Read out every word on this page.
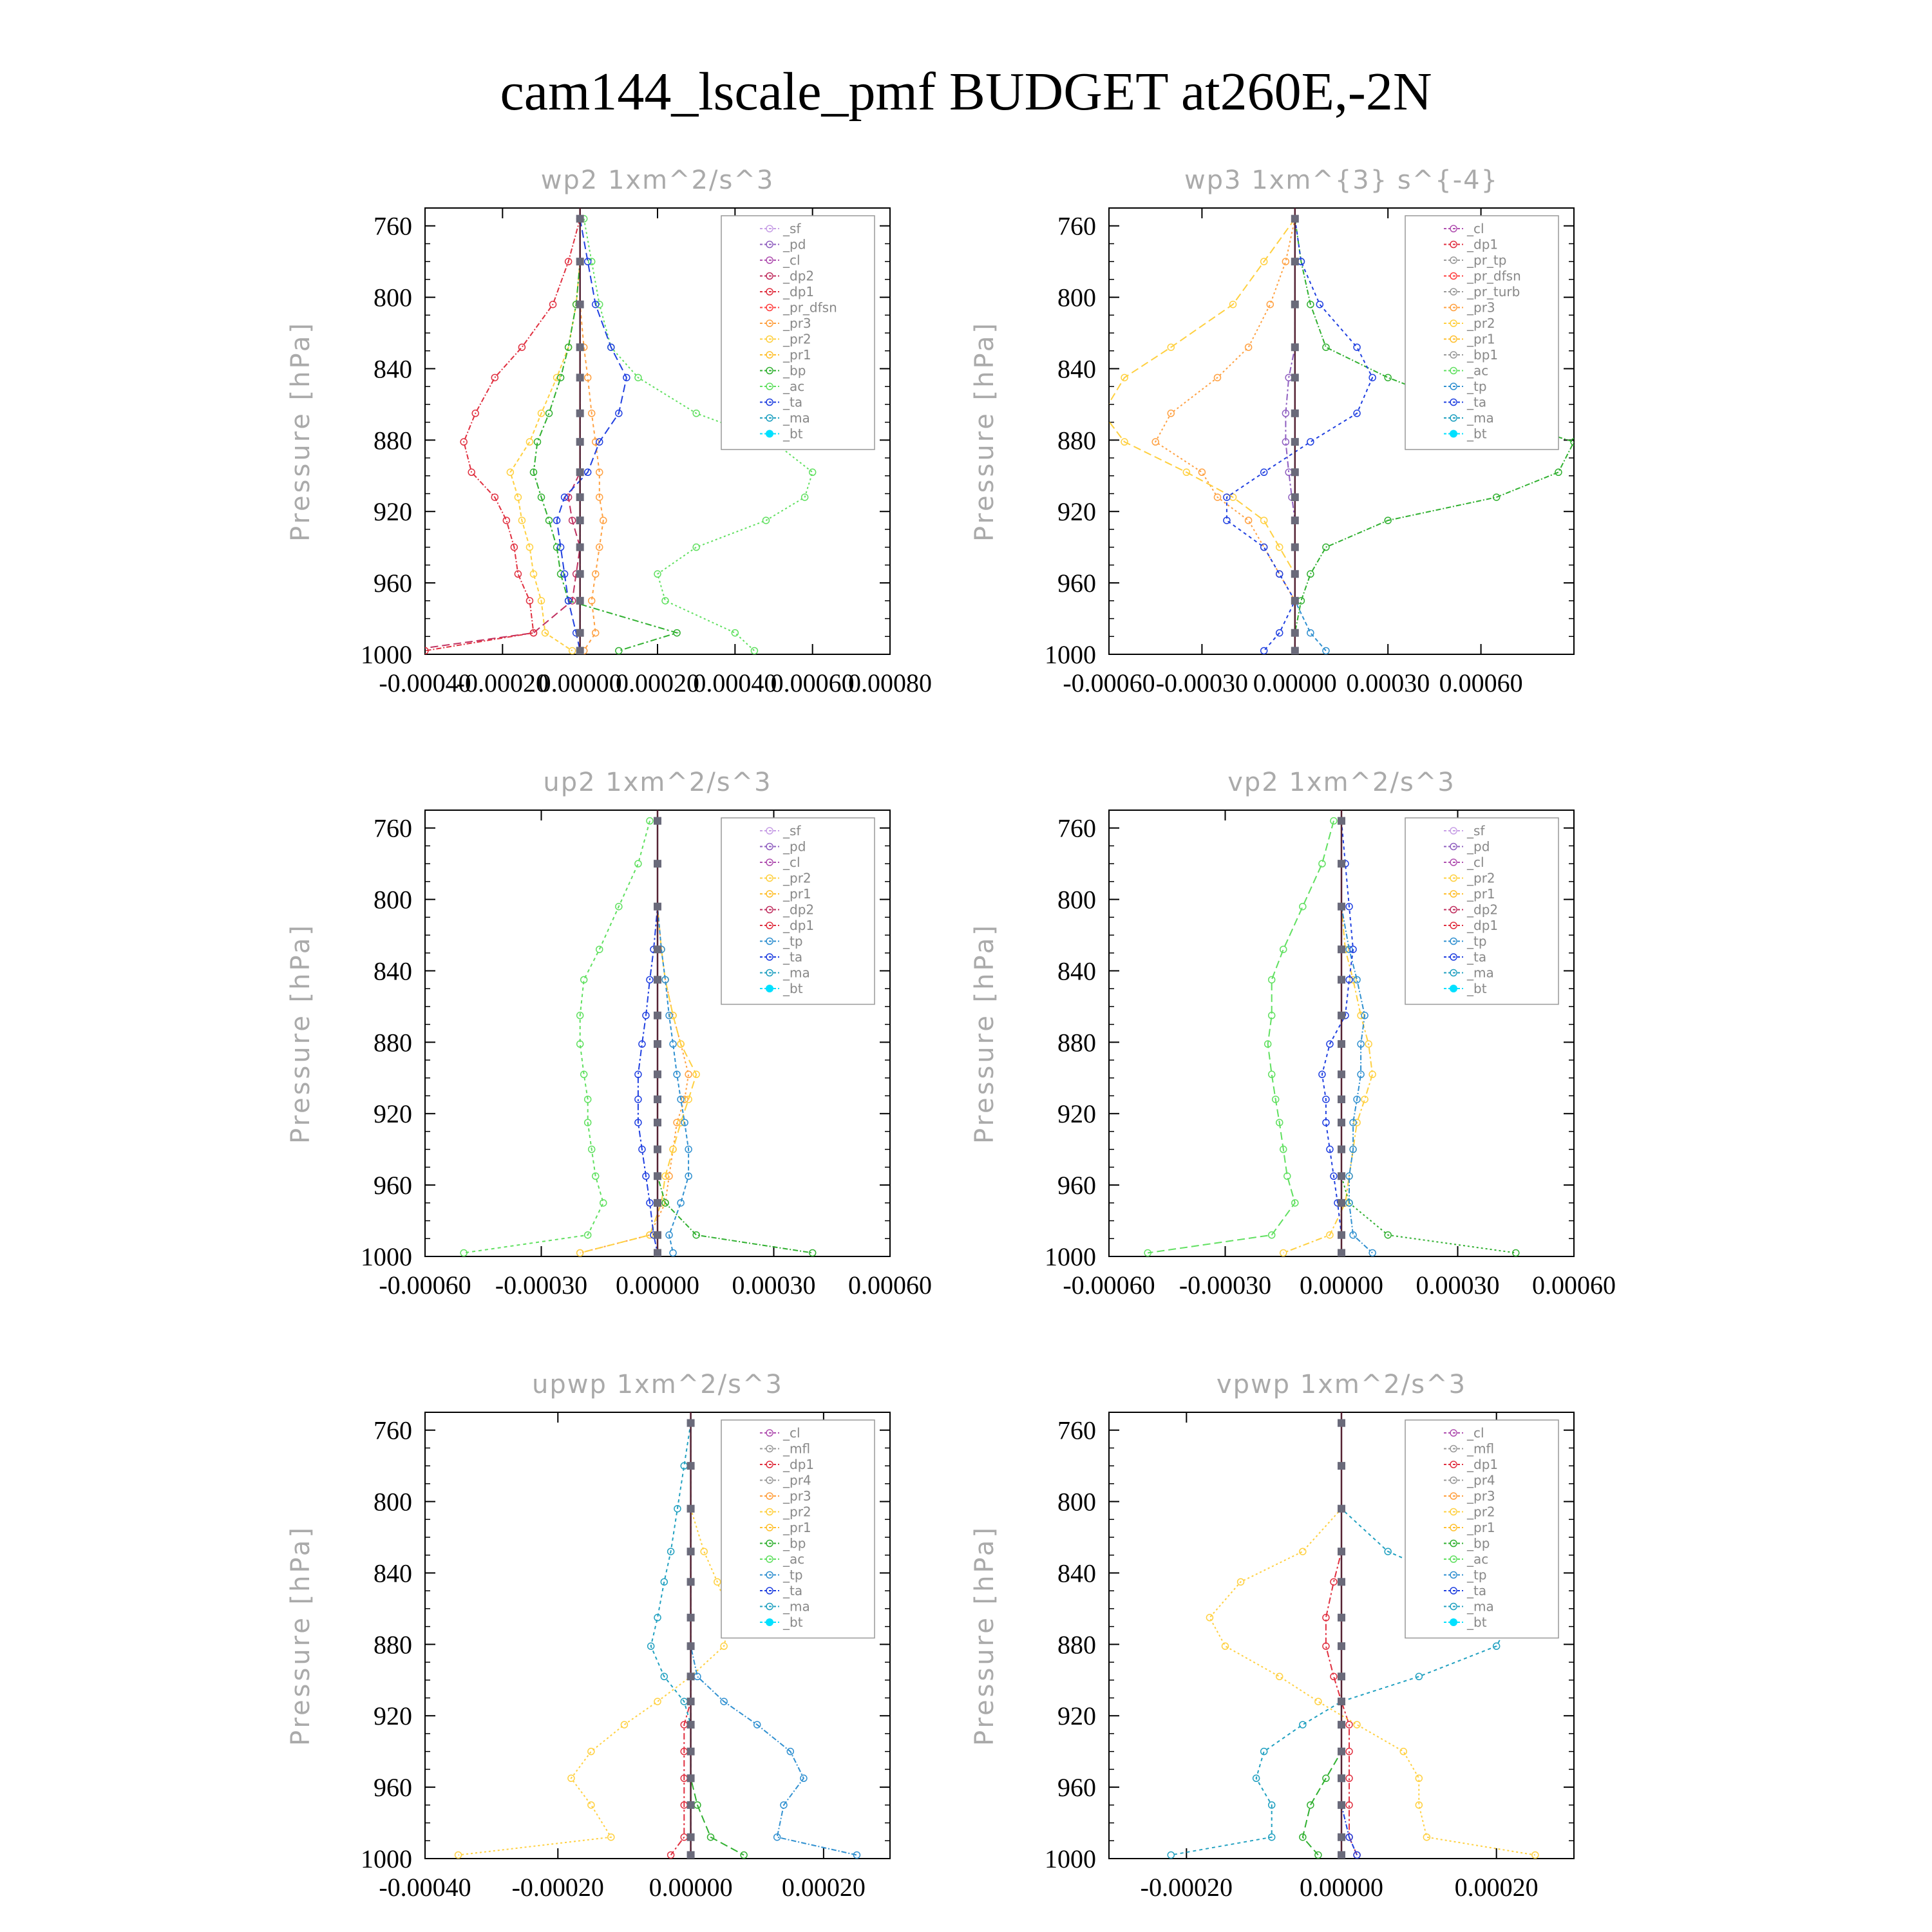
cam144_lscale_pmf BUDGET at260E,-2N
wp2 1xm^2/s^3
Pressure [hPa]
760
800
840
880
920
960
1000
-0.00040
-0.00020
0.00000
0.00020
0.00040
0.00060
0.00080
_sf
_pd
_cl
_dp2
_dp1
_pr_dfsn
_pr3
_pr2
_pr1
_bp
_ac
_ta
_ma
_bt
wp3 1xm^{3} s^{-4}
Pressure [hPa]
760
800
840
880
920
960
1000
-0.00060 -0.00030 0.00000 0.00030 0.00060
_cl
_dp1
_pr_tp
_pr_dfsn
_pr_turb
_pr3
_pr2
_pr1
_bp1
_ac
_tp
_ta
_ma
_bt
up2 1xm^2/s^3
Pressure [hPa]
760
800
840
880
920
960
1000
-0.00060 -0.00030 0.00000 0.00030 0.00060
_sf
_pd
_cl
_pr2
_pr1
_dp2
_dp1
_tp
_ta
_ma
_bt
vp2 1xm^2/s^3
Pressure [hPa]
760
800
840
880
920
960
1000
-0.00060 -0.00030 0.00000 0.00030 0.00060
_sf
_pd
_cl
_pr2
_pr1
_dp2
_dp1
_tp
_ta
_ma
_bt
upwp 1xm^2/s^3
Pressure [hPa]
760
800
840
880
920
960
1000
-0.00040 -0.00020 0.00000 0.00020
_cl
_mfl
_dp1
_pr4
_pr3
_pr2
_pr1
_bp
_ac
_tp
_ta
_ma
_bt
vpwp 1xm^2/s^3
Pressure [hPa]
760
800
840
880
920
960
1000
-0.00020	0.00000	0.00020
_cl
_mfl
_dp1
_pr4
_pr3
_pr2
_pr1
_bp
_ac
_tp
_ta
_ma
_bt
